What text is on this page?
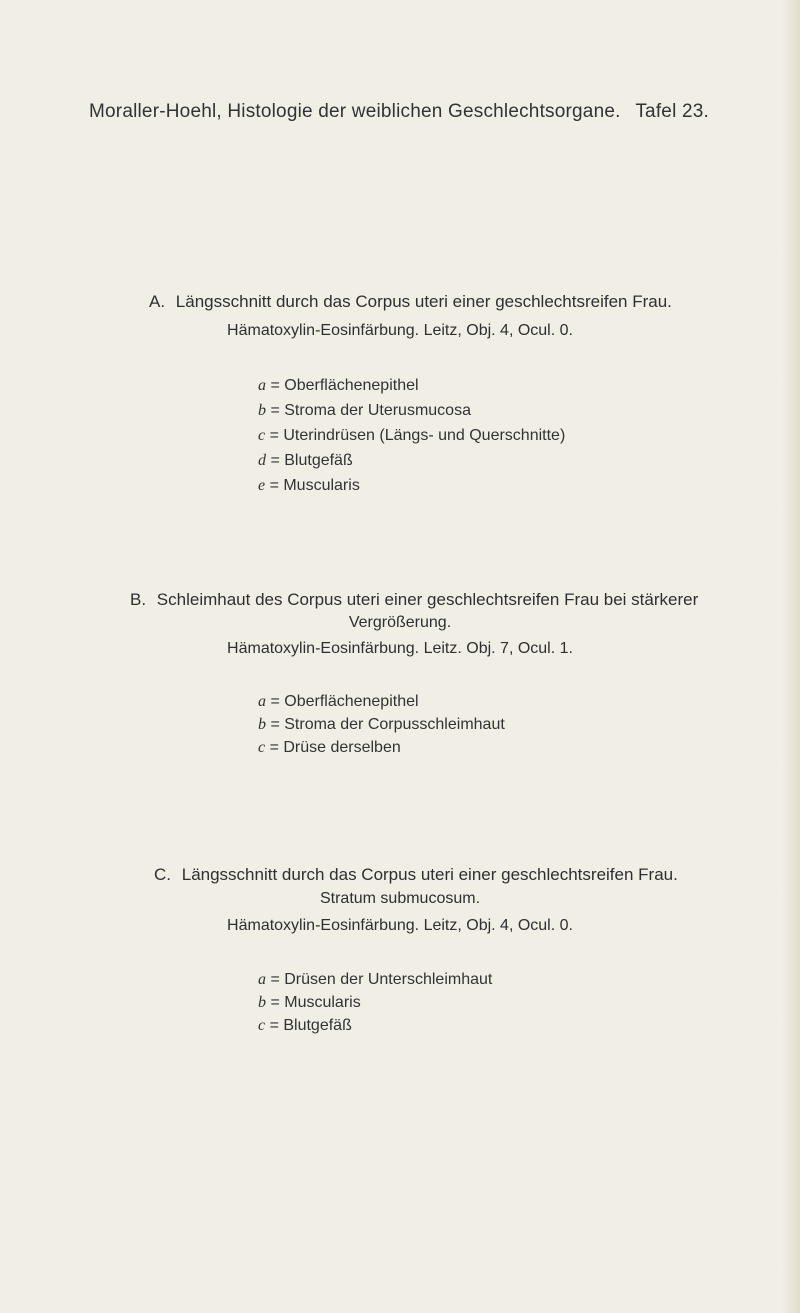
Moraller-Hoehl, Histologie der weiblichen Geschlechtsorgane. Tafel 23.
A. Längsschnitt durch das Corpus uteri einer geschlechtsreifen Frau.
Hämatoxylin-Eosinfärbung. Leitz, Obj. 4, Ocul. 0.
a = Oberflächenepithel
b = Stroma der Uterusmucosa
c = Uterindrüsen (Längs- und Querschnitte)
d = Blutgefäß
e = Muscularis
B. Schleimhaut des Corpus uteri einer geschlechtsreifen Frau bei stärkerer
Vergrößerung.
Hämatoxylin-Eosinfärbung. Leitz. Obj. 7, Ocul. 1.
a = Oberflächenepithel
b = Stroma der Corpusschleimhaut
c = Drüse derselben
C. Längsschnitt durch das Corpus uteri einer geschlechtsreifen Frau.
Stratum submucosum.
Hämatoxylin-Eosinfärbung. Leitz, Obj. 4, Ocul. 0.
a = Drüsen der Unterschleimhaut
b = Muscularis
c = Blutgefäß
